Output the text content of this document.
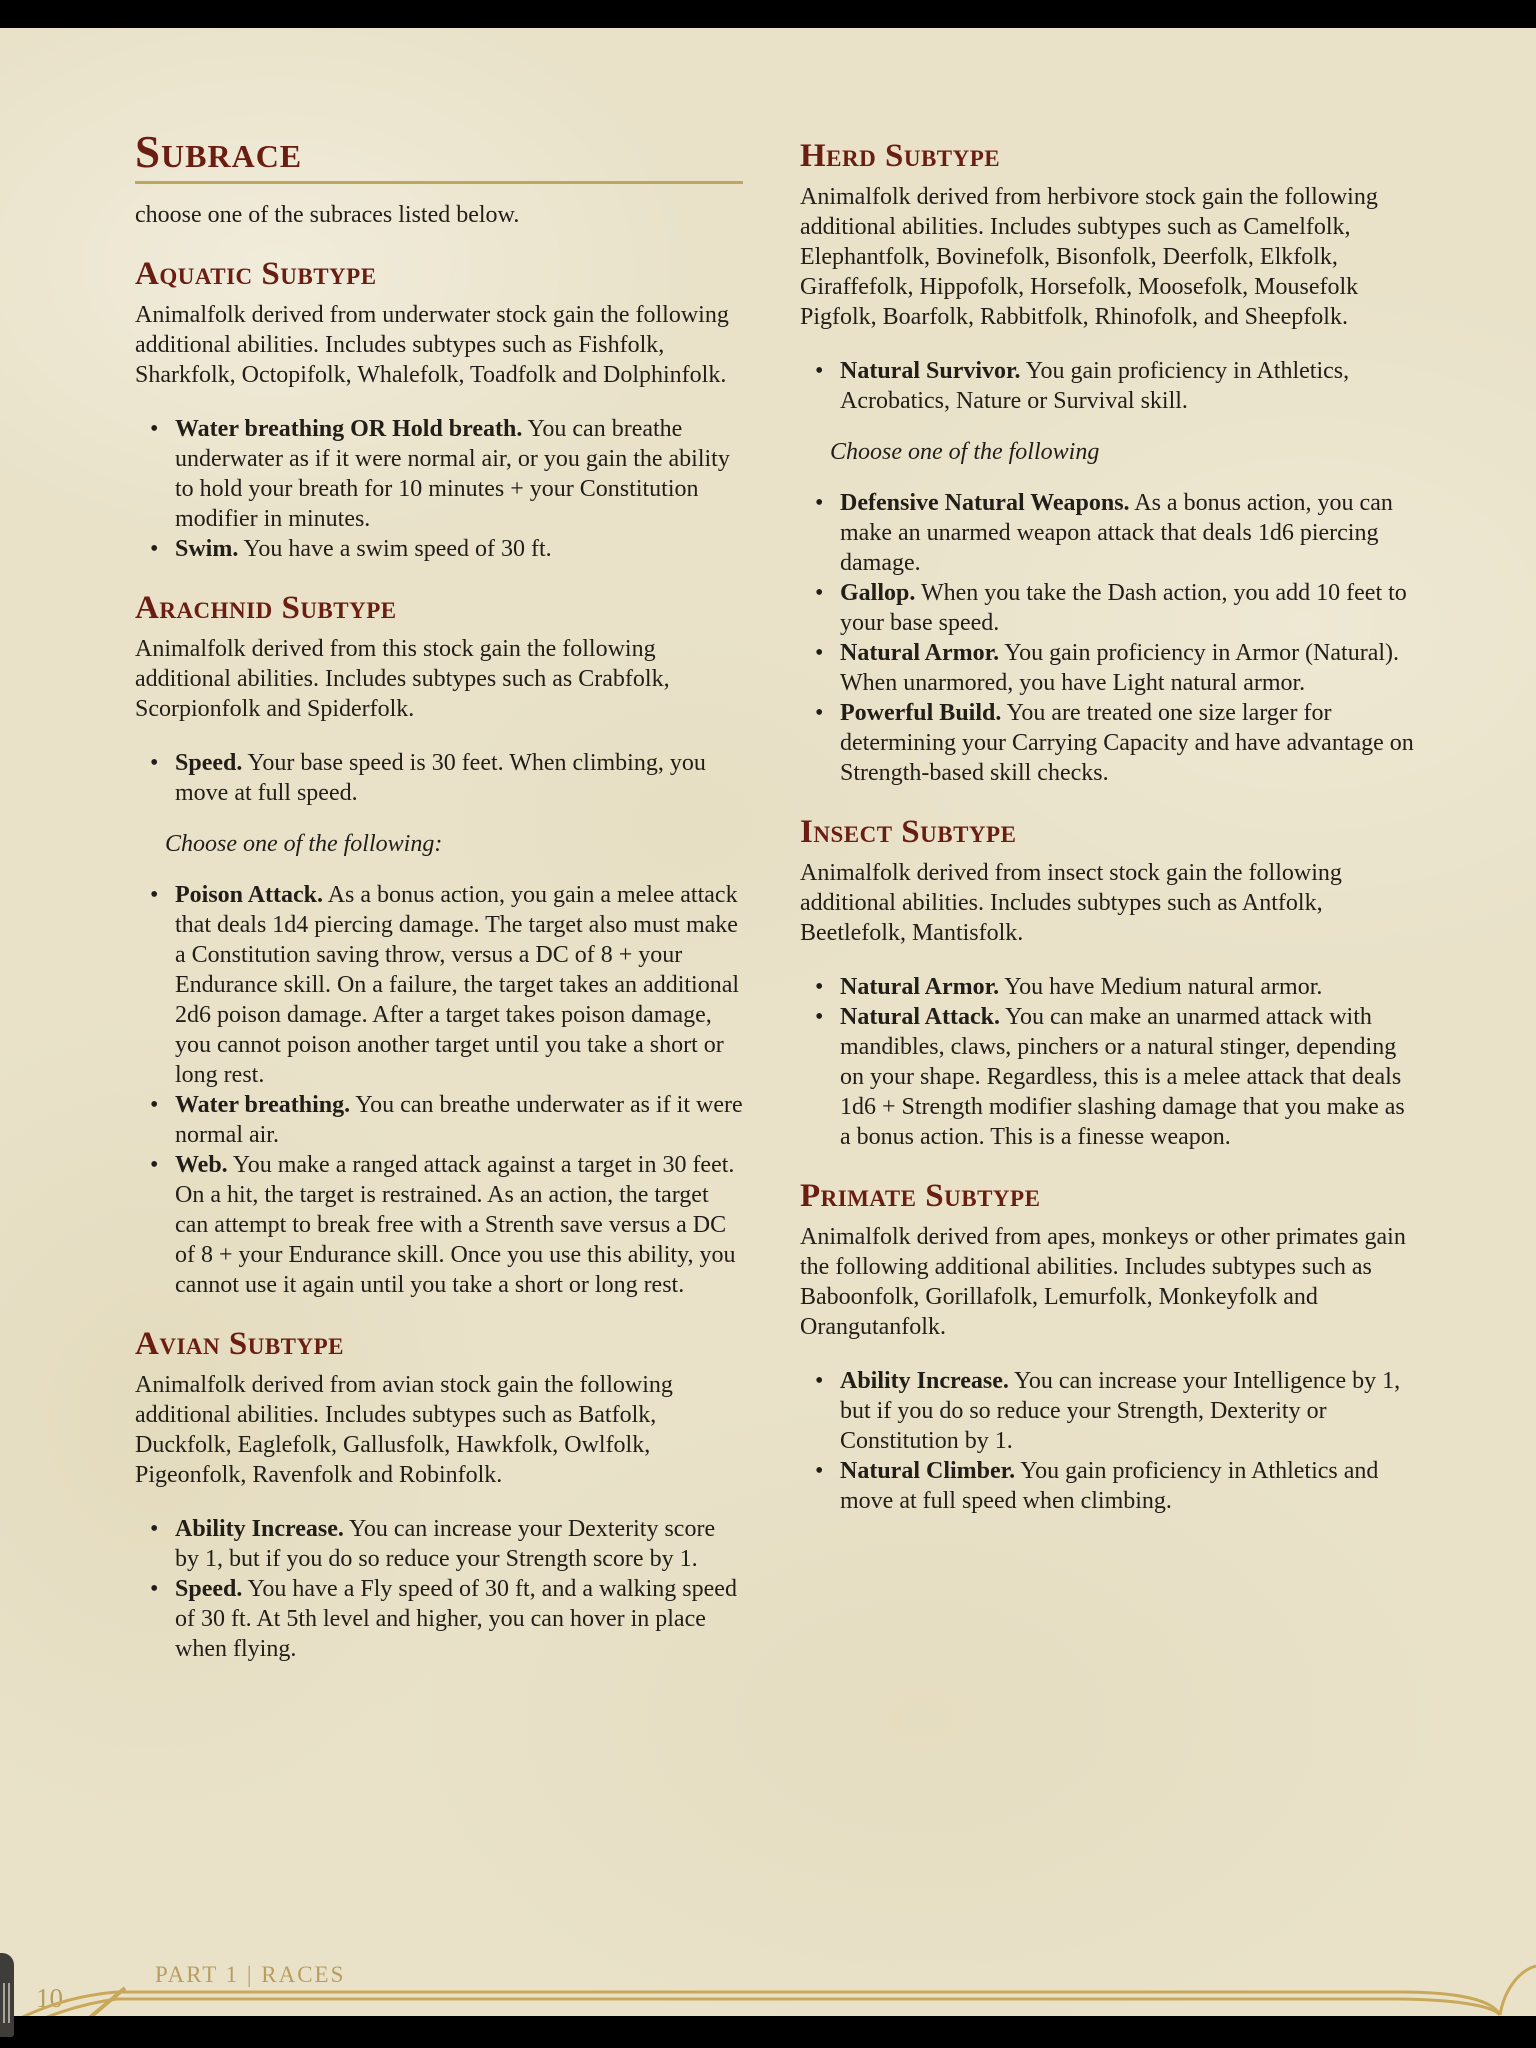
Subrace

choose one of the subraces listed below.

Aquatic Subtype

Animalfolk derived from underwater stock gain the following additional abilities. Includes subtypes such as Fishfolk, Sharkfolk, Octopifolk, Whalefolk, Toadfolk and Dolphinfolk.

• Water breathing OR Hold breath. You can breathe underwater as if it were normal air, or you gain the ability to hold your breath for 10 minutes + your Constitution modifier in minutes.
• Swim. You have a swim speed of 30 ft.
Arachnid Subtype

Animalfolk derived from this stock gain the following additional abilities. Includes subtypes such as Crabfolk, Scorpionfolk and Spiderfolk.

• Speed. Your base speed is 30 feet. When climbing, you move at full speed.

Choose one of the following:

• Poison Attack. As a bonus action, you gain a melee attack that deals 1d4 piercing damage. The target also must make a Constitution saving throw, versus a DC of 8 + your Endurance skill. On a failure, the target takes an additional 2d6 poison damage. After a target takes poison damage, you cannot poison another target until you take a short or long rest.
• Water breathing. You can breathe underwater as if it were normal air.
• Web. You make a ranged attack against a target in 30 feet. On a hit, the target is restrained. As an action, the target can attempt to break free with a Strenth save versus a DC of 8 + your Endurance skill. Once you use this ability, you cannot use it again until you take a short or long rest.
Avian Subtype

Animalfolk derived from avian stock gain the following additional abilities. Includes subtypes such as Batfolk, Duckfolk, Eaglefolk, Gallusfolk, Hawkfolk, Owlfolk, Pigeonfolk, Ravenfolk and Robinfolk.

• Ability Increase. You can increase your Dexterity score by 1, but if you do so reduce your Strength score by 1.
• Speed. You have a Fly speed of 30 ft, and a walking speed of 30 ft. At 5th level and higher, you can hover in place when flying.
Herd Subtype

Animalfolk derived from herbivore stock gain the following additional abilities. Includes subtypes such as Camelfolk, Elephantfolk, Bovinefolk, Bisonfolk, Deerfolk, Elkfolk, Giraffefolk, Hippofolk, Horsefolk, Moosefolk, Mousefolk Pigfolk, Boarfolk, Rabbitfolk, Rhinofolk, and Sheepfolk.

• Natural Survivor. You gain proficiency in Athletics, Acrobatics, Nature or Survival skill.

Choose one of the following

• Defensive Natural Weapons. As a bonus action, you can make an unarmed weapon attack that deals 1d6 piercing damage.
• Gallop. When you take the Dash action, you add 10 feet to your base speed.
• Natural Armor. You gain proficiency in Armor (Natural). When unarmored, you have Light natural armor.
• Powerful Build. You are treated one size larger for determining your Carrying Capacity and have advantage on Strength-based skill checks.
Insect Subtype

Animalfolk derived from insect stock gain the following additional abilities. Includes subtypes such as Antfolk, Beetlefolk, Mantisfolk.

• Natural Armor. You have Medium natural armor.
• Natural Attack. You can make an unarmed attack with mandibles, claws, pinchers or a natural stinger, depending on your shape. Regardless, this is a melee attack that deals 1d6 + Strength modifier slashing damage that you make as a bonus action. This is a finesse weapon.
Primate Subtype

Animalfolk derived from apes, monkeys or other primates gain the following additional abilities. Includes subtypes such as Baboonfolk, Gorillafolk, Lemurfolk, Monkeyfolk and Orangutanfolk.

• Ability Increase. You can increase your Intelligence by 1, but if you do so reduce your Strength, Dexterity or Constitution by 1.
• Natural Climber. You gain proficiency in Athletics and move at full speed when climbing.
PART 1 | RACES
10
